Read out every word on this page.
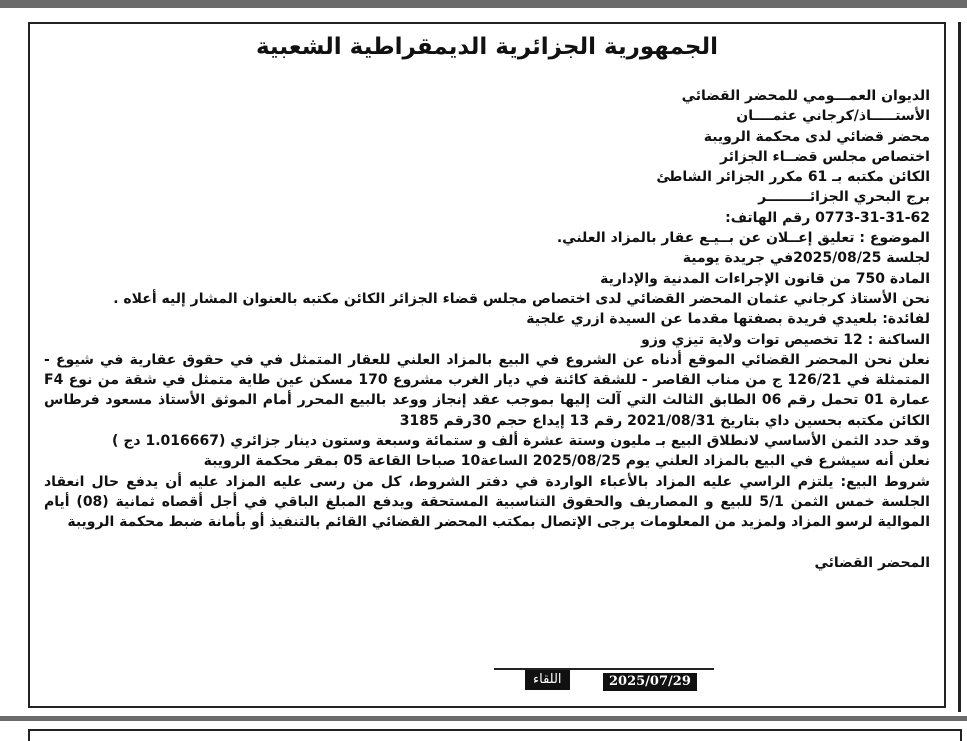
الجمهورية الجزائرية الديمقراطية الشعبية

الديوان العمـــومي للمحضر القضائي

الأستـــــاذ/كرجاني عثمــــان

محضر قضائي لدى محكمة الرويبة

اختصاص مجلس قضــاء الجزائر

الكائن مكتبه بـ 61 مكرر الجزائر الشاطئ

برج البحري الجزائـــــــــر

0773-31-31-62 رقم الهاتف:

الموضوع : تعليق إعــلان عن بــيـع عقار بالمزاد العلني.

لجلسة 2025/08/25في جريدة يومية

المادة 750 من قانون الإجراءات المدنية والإدارية

نحن الأستاذ كرجاني عثمان المحضر القضائي لدى اختصاص مجلس قضاء الجزائر الكائن مكتبه بالعنوان المشار إليه أعلاه .

لفائدة: بلعيدي فريدة بصفتها مقدما عن السيدة ازري علجية

الساكنة : 12 تخصيص توات ولاية تيزي وزو

نعلن نحن المحضر القضائي الموقع أدناه عن الشروع في البيع بالمزاد العلني للعقار المتمثل في في حقوق عقارية في شيوع - المتمثلة في 126/21 ج من مناب القاصر - للشقة كائنة في ديار الغرب مشروع 170 مسكن عين طاية متمثل في شقة من نوع F4 عمارة 01 تحمل رقم 06 الطابق الثالث التي آلت إليها بموجب عقد إنجاز ووعد بالبيع المحرر أمام الموثق الأستاذ مسعود فرطاس الكائن مكتبه بحسين داي بتاريخ 2021/08/31 رقم 13 إيداع حجم 30رقم 3185

وقد حدد الثمن الأساسي لانطلاق البيع بـ مليون وستة عشرة ألف و ستمائة وسبعة وستون دينار جزائري (1.016667 دج )

نعلن أنه سيشرع في البيع بالمزاد العلني يوم 2025/08/25 الساعة10 صباحا القاعة 05 بمقر محكمة الرويبة

شروط البيع: يلتزم الراسي عليه المزاد بالأعباء الواردة في دفتر الشروط، كل من رسى عليه المزاد عليه أن يدفع حال انعقاد الجلسة خمس الثمن 5/1 للبيع و المصاريف والحقوق التناسبية المستحقة ويدفع المبلغ الباقي في أجل أقصاه ثمانية (08) أيام الموالية لرسو المزاد ولمزيد من المعلومات يرجى الإتصال بمكتب المحضر القضائي القائم بالتنفيذ أو بأمانة ضبط محكمة الرويبة

المحضر القضائي

اللقاء	2025/07/29
